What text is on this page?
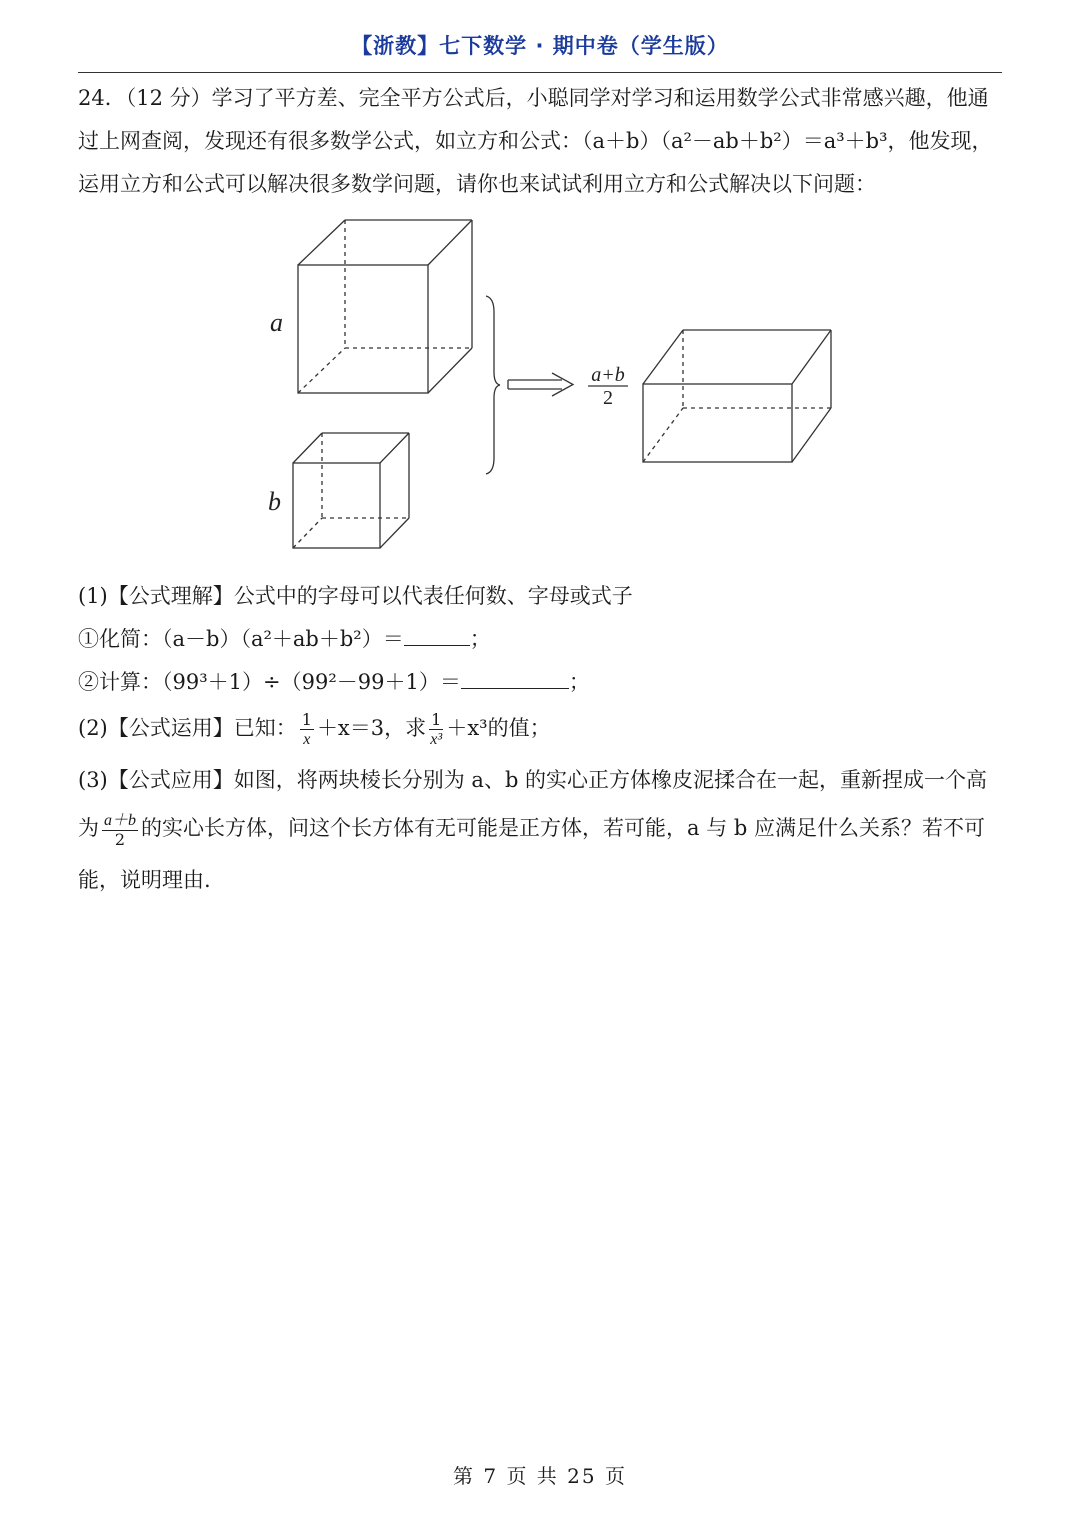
【浙教】七下数学 · 期中卷（学生版）
24．（12 分）学习了平方差、完全平方公式后，小聪同学对学习和运用数学公式非常感兴趣，他通过上网查阅，发现还有很多数学公式，如立方和公式：（a＋b）（a²－ab＋b²）＝a³＋b³，他发现，运用立方和公式可以解决很多数学问题，请你也来试试利用立方和公式解决以下问题：
a
b
a+b
2
(1)【公式理解】公式中的字母可以代表任何数、字母或式子
①化简：（a－b）（a²＋ab＋b²）＝	；
②计算：（99³＋1）÷（99²－99＋1）＝	；
(2)【公式运用】已知： $\frac{1}{x} +x=3$，求 $\frac{1}{\text{x³}} +x^3$的值；
(3)【公式应用】如图，将两块棱长分别为 a、b 的实心正方体橡皮泥揉合在一起，重新捏成一个高
为 $\frac{a+b}{2}$ 的实心长方体，问这个长方体有无可能是正方体，若可能，a 与 b 应满足什么关系？若不可
能，说明理由.
第 7 页 共 25 页
